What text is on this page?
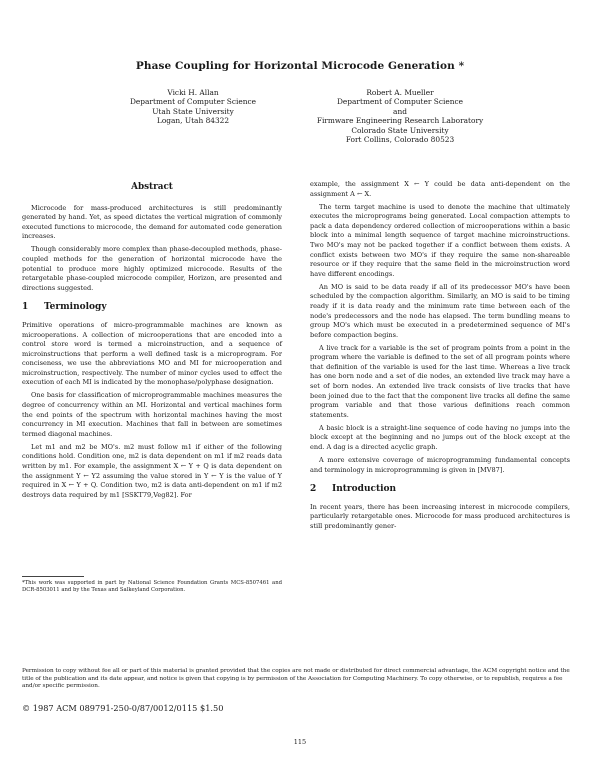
Phase Coupling for Horizontal Microcode Generation *
Vicki H. Allan
Department of Computer Science
Utah State University
Logan, Utah 84322
Robert A. Mueller
Department of Computer Science
and
Firmware Engineering Research Laboratory
Colorado State University
Fort Collins, Colorado 80523
Abstract

Microcode for mass-produced architectures is still predominantly generated by hand. Yet, as speed dictates the vertical migration of commonly executed functions to microcode, the demand for automated code generation increases.

Though considerably more complex than phase-decoupled methods, phase-coupled methods for the generation of horizontal microcode have the potential to produce more highly optimized microcode. Results of the retargetable phase-coupled microcode compiler, Horizon, are presented and directions suggested.

1 Terminology

Primitive operations of micro-programmable machines are known as microoperations. A collection of microoperations that are encoded into a control store word is termed a microinstruction, and a sequence of microinstructions that perform a well defined task is a microprogram. For conciseness, we use the abbreviations MO and MI for microoperation and microinstruction, respectively. The number of minor cycles used to effect the execution of each MI is indicated by the monophase/polyphase designation.

One basis for classification of microprogrammable machines measures the degree of concurrency within an MI. Horizontal and vertical machines form the end points of the spectrum with horizontal machines having the most concurrency in MI execution. Machines that fall in between are sometimes termed diagonal machines.

Let m1 and m2 be MO's. m2 must follow m1 if either of the following conditions hold. Condition one, m2 is data dependent on m1 if m2 reads data written by m1. For example, the assignment X ← Y + Q is data dependent on the assignment Y ← Y2 assuming the value stored in Y ← Y is the value of Y required in X ← Y + Q. Condition two, m2 is data anti-dependent on m1 if m2 destroys data required by m1 [SSKT79,Veg82]. For

*This work was supported in part by National Science Foundation Grants MCS-8507461 and DCR-8503011 and by the Texas and Salkeyland Corporation.

example, the assignment X ← Y could be data anti-dependent on the assignment A ← X.

The term target machine is used to denote the machine that ultimately executes the microprograms being generated. Local compaction attempts to pack a data dependency ordered collection of microoperations within a basic block into a minimal length sequence of target machine microinstructions. Two MO's may not be packed together if a conflict between them exists. A conflict exists between two MO's if they require the same non-shareable resource or if they require that the same field in the microinstruction word have different encodings.

An MO is said to be data ready if all of its predecessor MO's have been scheduled by the compaction algorithm. Similarly, an MO is said to be timing ready if it is data ready and the minimum rate time between each of the node's predecessors and the node has elapsed. The term bundling means to group MO's which must be executed in a predetermined sequence of MI's before compaction begins.

A live track for a variable is the set of program points from a point in the program where the variable is defined to the set of all program points where that definition of the variable is used for the last time. Whereas a live track has one born node and a set of die nodes, an extended live track may have a set of born nodes. An extended live track consists of live tracks that have been joined due to the fact that the component live tracks all define the same program variable and that those various definitions reach common statements.

A basic block is a straight-line sequence of code having no jumps into the block except at the beginning and no jumps out of the block except at the end. A dag is a directed acyclic graph.

A more extensive coverage of microprogramming fundamental concepts and terminology in microprogramming is given in [MV87].

2 Introduction

In recent years, there has been increasing interest in microcode compilers, particularly retargetable ones. Microcode for mass produced architectures is still predominantly gener-

Permission to copy without fee all or part of this material is granted provided that the copies are not made or distributed for direct commercial advantage, the ACM copyright notice and the title of the publication and its date appear, and notice is given that copying is by permission of the Association for Computing Machinery. To copy otherwise, or to republish, requires a fee and/or specific permission.
© 1987 ACM 089791-250-0/87/0012/0115 $1.50
115
